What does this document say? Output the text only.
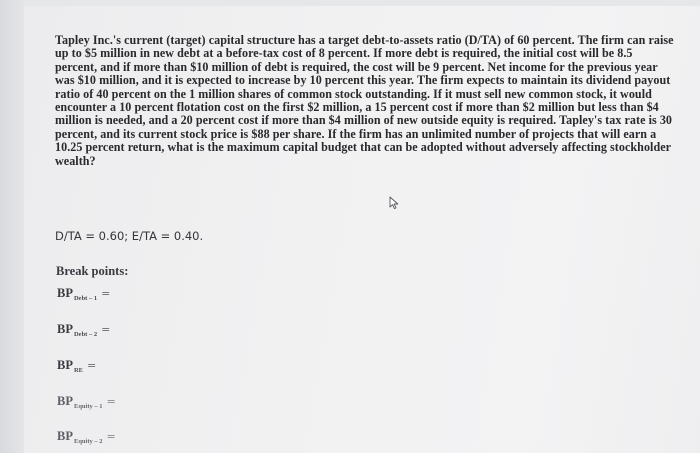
Tapley Inc.'s current (target) capital structure has a target debt-to-assets ratio (D/TA) of 60 percent. The firm can raise up to $5 million in new debt at a before-tax cost of 8 percent. If more debt is required, the initial cost will be 8.5 percent, and if more than $10 million of debt is required, the cost will be 9 percent. Net income for the previous year was $10 million, and it is expected to increase by 10 percent this year. The firm expects to maintain its dividend payout ratio of 40 percent on the 1 million shares of common stock outstanding. If it must sell new common stock, it would encounter a 10 percent flotation cost on the first $2 million, a 15 percent cost if more than $2 million but less than $4 million is needed, and a 20 percent cost if more than $4 million of new outside equity is required. Tapley's tax rate is 30 percent, and its current stock price is $88 per share. If the firm has an unlimited number of projects that will earn a 10.25 percent return, what is the maximum capital budget that can be adopted without adversely affecting stockholder wealth?

D/TA = 0.60; E/TA = 0.40.

Break points:

$BP_{Debt - 1}$ =
$BP_{Debt - 2}$ =
$BP_{RE}$ =
$BP_{Equity - 1}$ =
$BP_{Equity - 2}$ =
